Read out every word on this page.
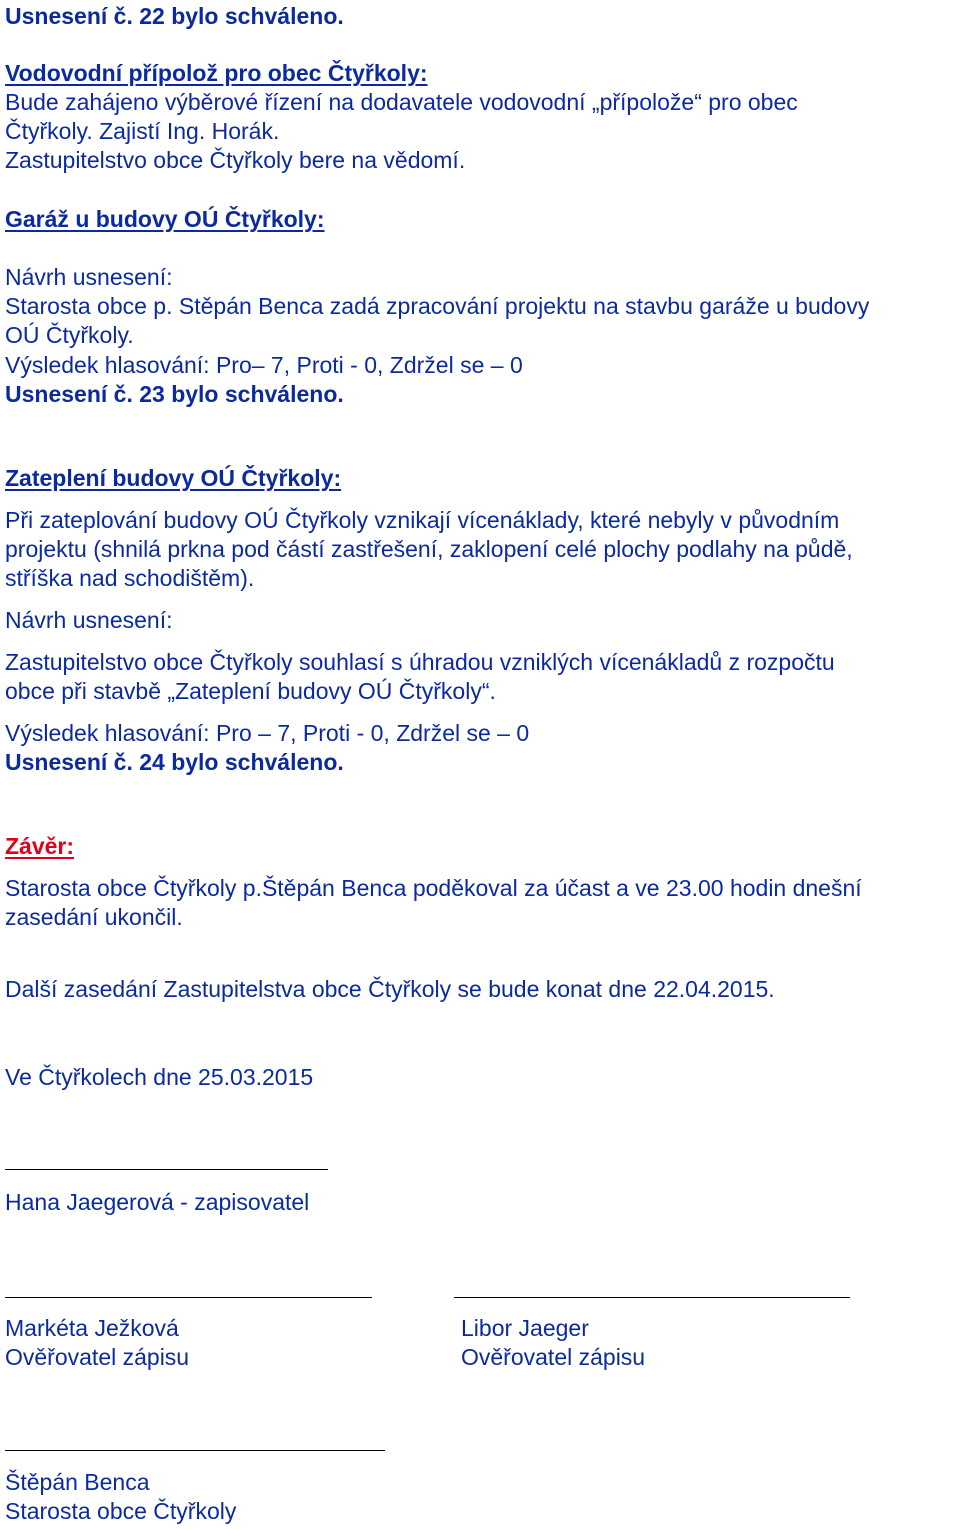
Usnesení č. 22 bylo schváleno.
Vodovodní přípolož pro obec Čtyřkoly:
Bude zahájeno výběrové řízení na dodavatele vodovodní „přípolože“ pro obec
Čtyřkoly. Zajistí Ing. Horák.
Zastupitelstvo obce Čtyřkoly bere na vědomí.
Garáž u budovy OÚ Čtyřkoly:
Návrh usnesení:
Starosta obce p. Stěpán Benca zadá zpracování projektu na stavbu garáže u budovy
OÚ Čtyřkoly.
Výsledek hlasování: Pro– 7, Proti - 0, Zdržel se – 0
Usnesení č. 23 bylo schváleno.
Zateplení budovy OÚ Čtyřkoly:
Při zateplování budovy OÚ Čtyřkoly vznikají vícenáklady, které nebyly v původním
projektu (shnilá prkna pod částí zastřešení, zaklopení celé plochy podlahy na půdě,
stříška nad schodištěm).
Návrh usnesení:
Zastupitelstvo obce Čtyřkoly souhlasí s úhradou vzniklých vícenákladů z rozpočtu
obce při stavbě „Zateplení budovy OÚ Čtyřkoly“.
Výsledek hlasování: Pro – 7, Proti - 0, Zdržel se – 0
Usnesení č. 24 bylo schváleno.
Závěr:
Starosta obce Čtyřkoly p.Štěpán Benca poděkoval za účast a ve 23.00 hodin dnešní
zasedání ukončil.
Další zasedání Zastupitelstva obce Čtyřkoly se bude konat dne 22.04.2015.
Ve Čtyřkolech dne 25.03.2015
Hana Jaegerová - zapisovatel
Markéta Ježková
Ověřovatel zápisu
Libor Jaeger
Ověřovatel zápisu
Štěpán Benca
Starosta obce Čtyřkoly
